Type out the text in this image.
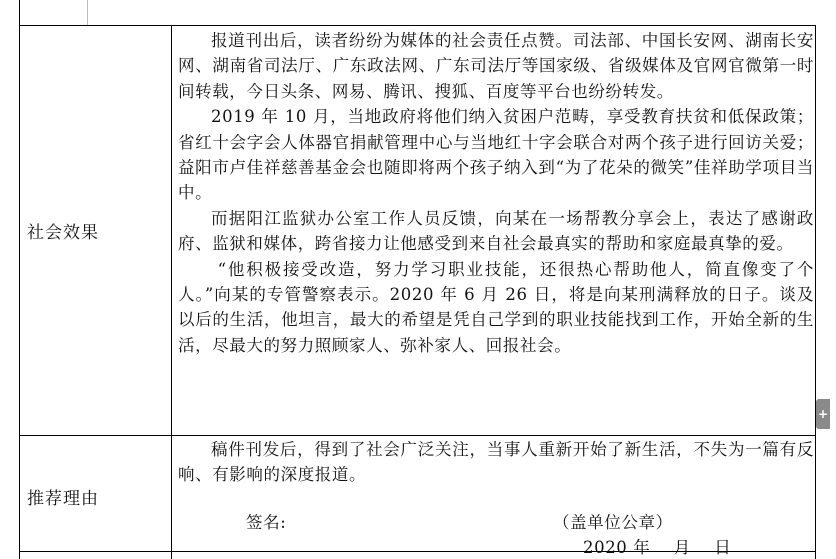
社会效果

报道刊出后，读者纷纷为媒体的社会责任点赞。司法部、中国长安网、湖南长安网、湖南省司法厅、广东政法网、广东司法厅等国家级、省级媒体及官网官微第一时间转载，今日头条、网易、腾讯、搜狐、百度等平台也纷纷转发。

2019 年 10 月，当地政府将他们纳入贫困户范畴，享受教育扶贫和低保政策；省红十会字会人体器官捐献管理中心与当地红十字会联合对两个孩子进行回访关爱；益阳市卢佳祥慈善基金会也随即将两个孩子纳入到“为了花朵的微笑”佳祥助学项目当中。

而据阳江监狱办公室工作人员反馈，向某在一场帮教分享会上，表达了感谢政府、监狱和媒体，跨省接力让他感受到来自社会最真实的帮助和家庭最真挚的爱。

“他积极接受改造，努力学习职业技能，还很热心帮助他人，简直像变了个人。”向某的专管警察表示。2020 年 6 月 26 日，将是向某刑满释放的日子。谈及以后的生活，他坦言，最大的希望是凭自己学到的职业技能找到工作，开始全新的生活，尽最大的努力照顾家人、弥补家人、回报社会。

推荐理由

稿件刊发后，得到了社会广泛关注，当事人重新开始了新生活，不失为一篇有反响、有影响的深度报道。

签名:	（盖单位公章）
2020 年    月    日
+
